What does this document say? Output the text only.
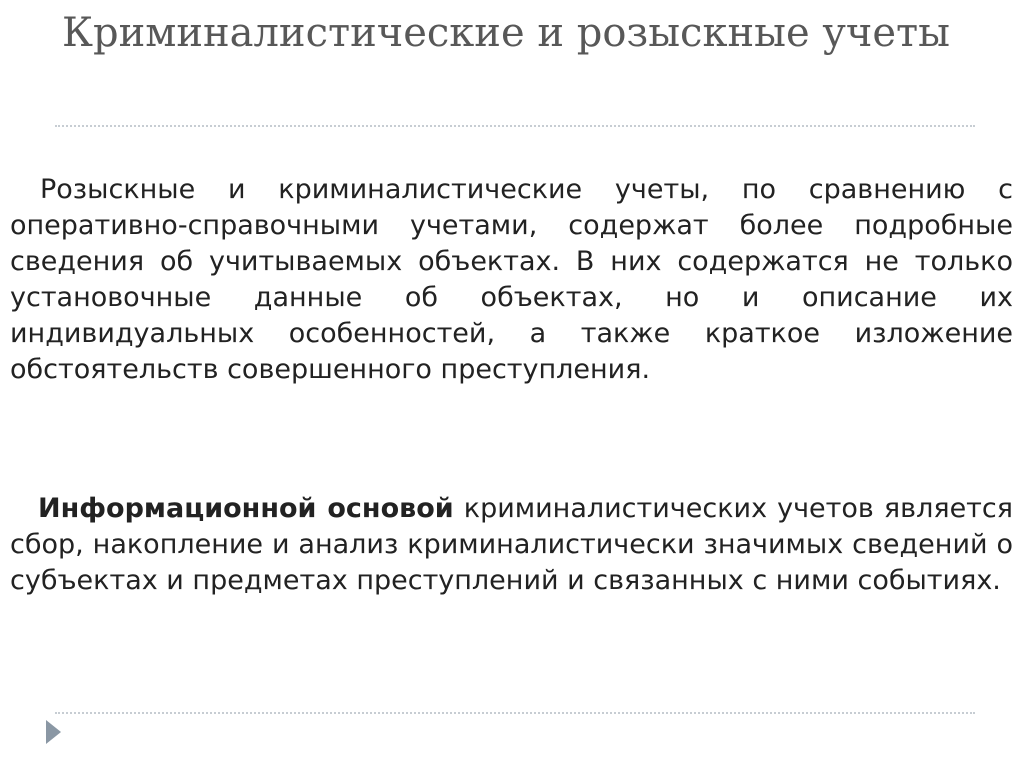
Криминалистические и розыскные учеты

Розыскные и криминалистические учеты, по сравнению с оперативно-справочными учетами, содержат более подробные сведения об учитываемых объектах. В них содержатся не только установочные данные об объектах, но и описание их индивидуальных особенностей, а также краткое изложение обстоятельств совершенного преступления.

Информационной основой криминалистических учетов является сбор, накопление и анализ криминалистически значимых сведений о субъектах и предметах преступлений и связанных с ними событиях.
